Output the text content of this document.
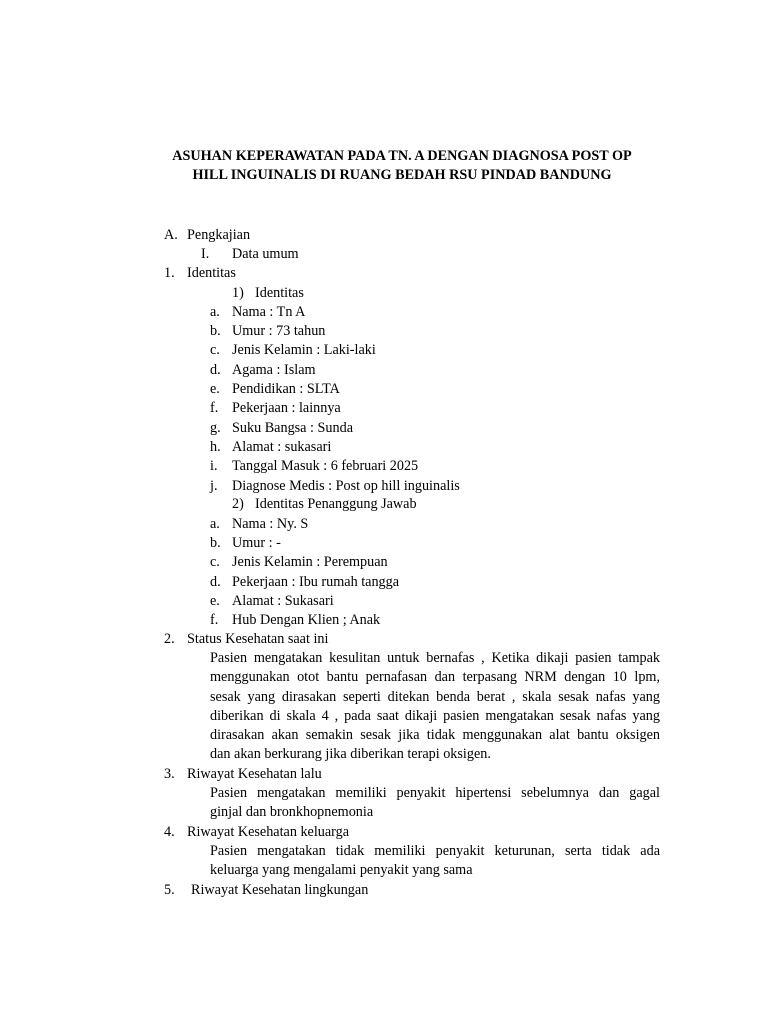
ASUHAN KEPERAWATAN PADA TN. A DENGAN DIAGNOSA POST OP
HILL INGUINALIS DI RUANG BEDAH RSU PINDAD BANDUNG
A. Pengkajian
I. Data umum
1. Identitas
1) Identitas
a. Nama : Tn A
b. Umur : 73 tahun
c. Jenis Kelamin : Laki-laki
d. Agama : Islam
e. Pendidikan : SLTA
f. Pekerjaan : lainnya
g. Suku Bangsa : Sunda
h. Alamat : sukasari
i. Tanggal Masuk : 6 februari 2025
j. Diagnose Medis : Post op hill inguinalis
2) Identitas Penanggung Jawab
a. Nama : Ny. S
b. Umur : -
c. Jenis Kelamin : Perempuan
d. Pekerjaan : Ibu rumah tangga
e. Alamat : Sukasari
f. Hub Dengan Klien ; Anak
2. Status Kesehatan saat ini
Pasien mengatakan kesulitan untuk bernafas , Ketika dikaji pasien tampak
menggunakan otot bantu pernafasan dan terpasang NRM dengan 10 lpm,
sesak yang dirasakan seperti ditekan benda berat , skala sesak nafas yang
diberikan di skala 4 , pada saat dikaji pasien mengatakan sesak nafas yang
dirasakan akan semakin sesak jika tidak menggunakan alat bantu oksigen
dan akan berkurang jika diberikan terapi oksigen.
3. Riwayat Kesehatan lalu
Pasien mengatakan memiliki penyakit hipertensi sebelumnya dan gagal
ginjal dan bronkhopnemonia
4. Riwayat Kesehatan keluarga
Pasien mengatakan tidak memiliki penyakit keturunan, serta tidak ada
keluarga yang mengalami penyakit yang sama
5. Riwayat Kesehatan lingkungan
